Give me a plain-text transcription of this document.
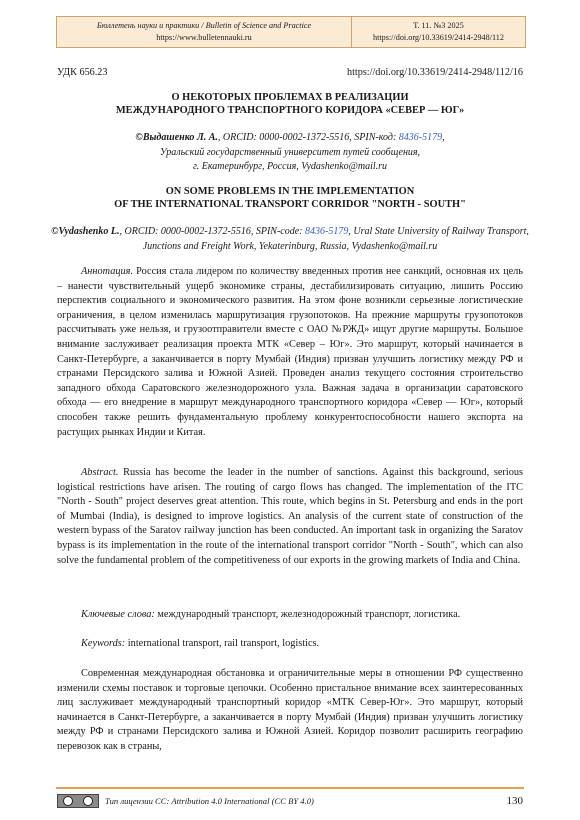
Бюллетень науки и практики / Bulletin of Science and Practice
https://www.bulletennauki.ru
Т. 11. №3 2025
https://doi.org/10.33619/2414-2948/112
УДК 656.23	https://doi.org/10.33619/2414-2948/112/16
О НЕКОТОРЫХ ПРОБЛЕМАХ В РЕАЛИЗАЦИИ
МЕЖДУНАРОДНОГО ТРАНСПОРТНОГО КОРИДОРА «СЕВЕР — ЮГ»
©Выдашенко Л. А., ORCID: 0000-0002-1372-5516, SPIN-код: 8436-5179,
Уральский государственный университет путей сообщения,
г. Екатеринбург, Россия, Vydashenko@mail.ru
ON SOME PROBLEMS IN THE IMPLEMENTATION
OF THE INTERNATIONAL TRANSPORT CORRIDOR "NORTH - SOUTH"
©Vydashenko L., ORCID: 0000-0002-1372-5516, SPIN-code: 8436-5179, Ural State University of Railway Transport, Junctions and Freight Work, Yekaterinburg, Russia, Vydashenko@mail.ru

Аннотация. Россия стала лидером по количеству введенных против нее санкций, основная их цель – нанести чувствительный ущерб экономике страны, дестабилизировать ситуацию, лишить Россию перспектив социального и экономического развития. На этом фоне возникли серьезные логистические ограничения, в целом изменилась маршрутизация грузопотоков. На прежние маршруты грузопотоков рассчитывать уже нельзя, и грузоотправители вместе с ОАО №РЖД» ищут другие маршруты. Большое внимание заслуживает реализация проекта МТК «Север – Юг». Это маршрут, который начинается в Санкт-Петербурге, а заканчивается в порту Мумбай (Индия) призван улучшить логистику между РФ и странами Персидского залива и Южной Азией. Проведен анализ текущего состояния строительство западного обхода Саратовского железнодорожного узла. Важная задача в организации саратовского обхода — его внедрение в маршрут международного транспортного коридора «Север — Юг», который способен также решить фундаментальную проблему конкурентоспособности нашего экспорта на растущих рынках Индии и Китая.

Abstract. Russia has become the leader in the number of sanctions. Against this background, serious logistical restrictions have arisen. The routing of cargo flows has changed. The implementation of the ITC "North - South" project deserves great attention. This route, which begins in St. Petersburg and ends in the port of Mumbai (India), is designed to improve logistics. An analysis of the current state of construction of the western bypass of the Saratov railway junction has been conducted. An important task in organizing the Saratov bypass is its implementation in the route of the international transport corridor "North - South", which can also solve the fundamental problem of the competitiveness of our exports in the growing markets of India and China.

Ключевые слова: международный транспорт, железнодорожный транспорт, логистика.

Keywords: international transport, rail transport, logistics.

Современная международная обстановка и ограничительные меры в отношении РФ существенно изменили схемы поставок и торговые цепочки. Особенно пристальное внимание всех заинтересованных лиц заслуживает международный транспортный коридор «МТК Север-Юг». Это маршрут, который начинается в Санкт-Петербурге, а заканчивается в порту Мумбай (Индия) призван улучшить логистику между РФ и странами Персидского залива и Южной Азией. Коридор позволит расширить географию перевозок как в страны,

Тип лицензии CC: Attribution 4.0 International (CC BY 4.0)	130
